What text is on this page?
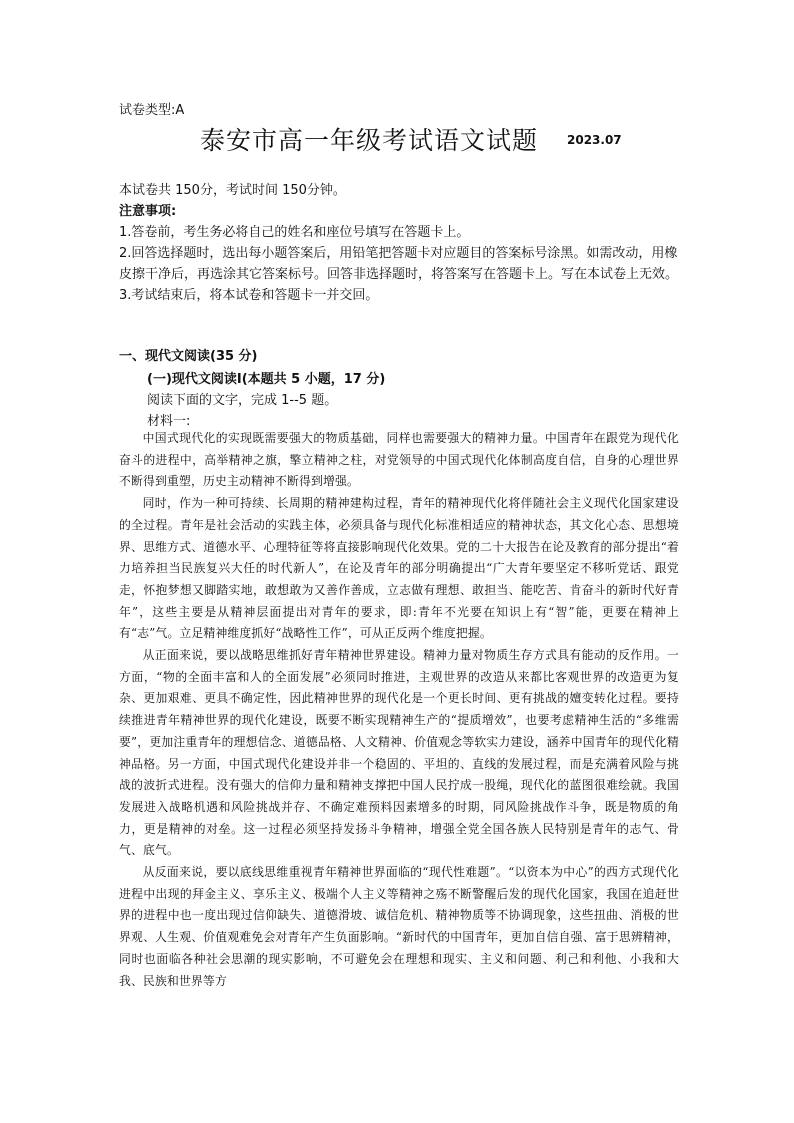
试卷类型:A
泰安市高一年级考试语文试题 2023.07

本试卷共 150分，考试时间 150分钟。

注意事项:

1.答卷前，考生务必将自己的姓名和座位号填写在答题卡上。

2.回答选择题时，选出每小题答案后，用铅笔把答题卡对应题目的答案标号涂黑。如需改动，用橡皮擦干净后，再选涂其它答案标号。回答非选择题时，将答案写在答题卡上。写在本试卷上无效。

3.考试结束后，将本试卷和答题卡一并交回。

一、现代文阅读(35 分)
(一)现代文阅读Ⅰ(本题共 5 小题，17 分)
阅读下面的文字，完成 1--5 题。
材料一:

中国式现代化的实现既需要强大的物质基础，同样也需要强大的精神力量。中国青年在跟党为现代化奋斗的进程中，高举精神之旗，擎立精神之柱，对党领导的中国式现代化体制高度自信，自身的心理世界不断得到重塑，历史主动精神不断得到增强。

同时，作为一种可持续、长周期的精神建构过程，青年的精神现代化将伴随社会主义现代化国家建设的全过程。青年是社会活动的实践主体，必须具备与现代化标准相适应的精神状态，其文化心态、思想境界、思维方式、道德水平、心理特征等将直接影响现代化效果。党的二十大报告在论及教育的部分提出“着力培养担当民族复兴大任的时代新人”，在论及青年的部分明确提出“广大青年要坚定不移听党话、跟党走，怀抱梦想又脚踏实地，敢想敢为又善作善成，立志做有理想、敢担当、能吃苦、肯奋斗的新时代好青年”，这些主要是从精神层面提出对青年的要求，即:青年不光要在知识上有“智”能，更要在精神上有“志”气。立足精神维度抓好“战略性工作”，可从正反两个维度把握。

从正面来说，要以战略思维抓好青年精神世界建设。精神力量对物质生存方式具有能动的反作用。一方面，“物的全面丰富和人的全面发展”必须同时推进，主观世界的改造从来都比客观世界的改造更为复杂、更加艰难、更具不确定性，因此精神世界的现代化是一个更长时间、更有挑战的嬗变转化过程。要持续推进青年精神世界的现代化建设，既要不断实现精神生产的“提质增效”，也要考虑精神生活的“多维需要”，更加注重青年的理想信念、道德品格、人文精神、价值观念等软实力建设，涵养中国青年的现代化精神品格。另一方面，中国式现代化建设并非一个稳固的、平坦的、直线的发展过程，而是充满着风险与挑战的波折式进程。没有强大的信仰力量和精神支撑把中国人民拧成一股绳，现代化的蓝图很难绘就。我国发展进入战略机遇和风险挑战并存、不确定难预料因素增多的时期，同风险挑战作斗争，既是物质的角力，更是精神的对垒。这一过程必须坚持发扬斗争精神，增强全党全国各族人民特别是青年的志气、骨气、底气。

从反面来说，要以底线思维重视青年精神世界面临的“现代性难题”。“以资本为中心”的西方式现代化进程中出现的拜金主义、享乐主义、极端个人主义等精神之殇不断警醒后发的现代化国家，我国在追赶世界的进程中也一度出现过信仰缺失、道德滑坡、诚信危机、精神物质等不协调现象，这些扭曲、消极的世界观、人生观、价值观难免会对青年产生负面影响。“新时代的中国青年，更加自信自强、富于思辨精神，同时也面临各种社会思潮的现实影响，不可避免会在理想和现实、主义和问题、利己和利他、小我和大我、民族和世界等方
